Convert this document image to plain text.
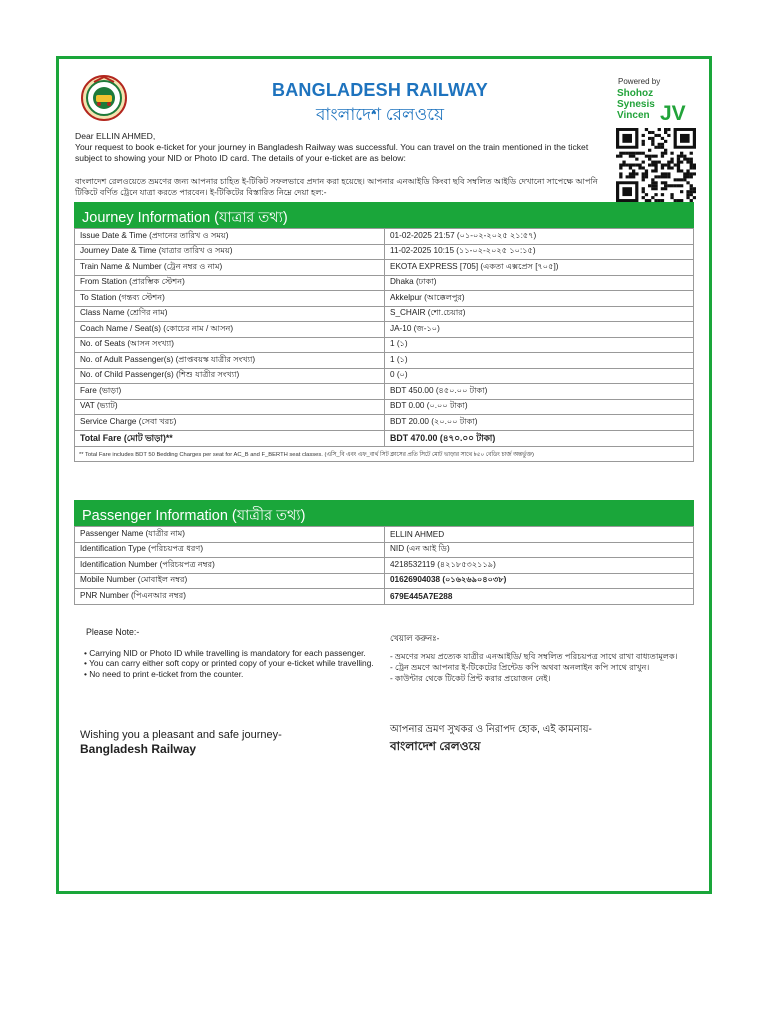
BANGLADESH RAILWAY
বাংলাদেশ রেলওয়ে
Powered by
Shohoz
Synesis
Vincen JV
Dear ELLIN AHMED,
Your request to book e-ticket for your journey in Bangladesh Railway was successful. You can travel on the train mentioned in the ticket subject to showing your NID or Photo ID card. The details of your e-ticket are as below:
বাংলাদেশ রেলওয়েতে ভ্রমণের জন্য আপনার চাহিত ই-টিকিট সফলভাবে প্রদান করা হয়েছে। আপনার এনআইডি কিংবা ছবি সম্বলিত আইডি দেখানো সাপেক্ষে আপনি টিকিটে বর্ণিত ট্রেনে যাত্রা করতে পারবেন। ই-টিকিটের বিস্তারিত নিম্নে দেয়া হল:-
Journey Information (যাত্রার তথ্য)
Issue Date & Time (প্রদানের তারিখ ও সময়)	01-02-2025 21:57 (০১-০২-২০২৫ ২১:৫৭)
Journey Date & Time (যাত্রার তারিখ ও সময়)	11-02-2025 10:15 (১১-০২-২০২৫ ১০:১৫)
Train Name & Number (ট্রেন নম্বর ও নাম)	EKOTA EXPRESS [705] (একতা এক্সপ্রেস [৭০৫])
From Station (প্রারম্ভিক স্টেশন)	Dhaka (ঢাকা)
To Station (গন্তব্য স্টেশন)	Akkelpur (আক্কেলপুর)
Class Name (শ্রেণির নাম)	S_CHAIR (শো.চেয়ার)
Coach Name / Seat(s) (কোচের নাম / আসন)	JA-10 (জ-১০)
No. of Seats (আসন সংখ্যা)	1 (১)
No. of Adult Passenger(s) (প্রাপ্তবয়স্ক যাত্রীর সংখ্যা)	1 (১)
No. of Child Passenger(s) (শিশু যাত্রীর সংখ্যা)	0 (০)
Fare (ভাড়া)	BDT 450.00 (৪৫০.০০ টাকা)
VAT (ভ্যাট)	BDT 0.00 (০.০০ টাকা)
Service Charge (সেবা খরচ)	BDT 20.00 (২০.০০ টাকা)
Total Fare (মোট ভাড়া)**	BDT 470.00 (৪৭০.০০ টাকা)
** Total Fare includes BDT 50 Bedding Charges per seat for AC_B and F_BERTH seat classes. (এসি_বি এবং এফ_বার্থ সিট ক্লাসের প্রতি সিটে মোট ভাড়ার সাথে ৳৫০ বেডিং চার্জ অন্তর্ভুক্ত)
Passenger Information (যাত্রীর তথ্য)
Passenger Name (যাত্রীর নাম)	ELLIN AHMED
Identification Type (পরিচয়পত্র ধরণ)	NID (এন আই ডি)
Identification Number (পরিচয়পত্র নম্বর)	4218532119 (৪২১৮৫৩২১১৯)
Mobile Number (মোবাইল নম্বর)	01626904038 (০১৬২৬৯০৪০৩৮)
PNR Number (পিএনআর নম্বর)	679E445A7E288
Please Note:-
• Carrying NID or Photo ID while travelling is mandatory for each passenger.
• You can carry either soft copy or printed copy of your e-ticket while travelling.
• No need to print e-ticket from the counter.
খেয়াল করুনঃ-
- ভ্রমণের সময় প্রত্যেক যাত্রীর এনআইডি/ ছবি সম্বলিত পরিচয়পত্র সাথে রাখা বাধ্যতামূলক।
- ট্রেন ভ্রমণে আপনার ই-টিকেটের প্রিন্টেড কপি অথবা অনলাইন কপি সাথে রাখুন।
- কাউন্টার থেকে টিকেট প্রিন্ট করার প্রয়োজন নেই।
Wishing you a pleasant and safe journey-
Bangladesh Railway
আপনার ভ্রমণ সুখকর ও নিরাপদ হোক, এই কামনায়-
বাংলাদেশ রেলওয়ে
